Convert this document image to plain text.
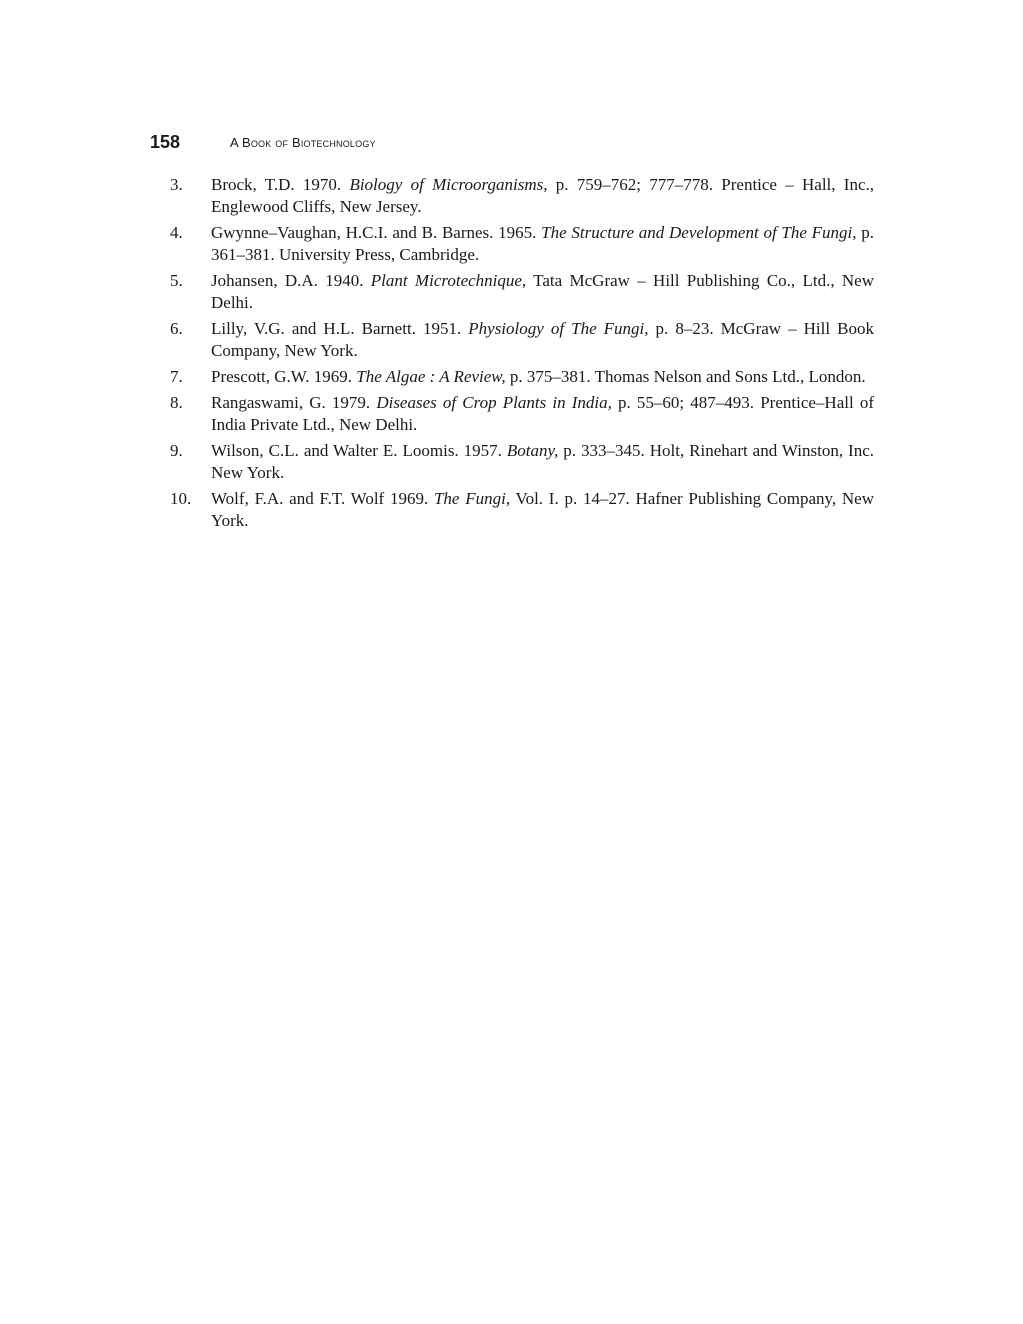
158	A Book of Biotechnology
3.	Brock, T.D. 1970. Biology of Microorganisms, p. 759–762; 777–778. Prentice – Hall, Inc., Englewood Cliffs, New Jersey.
4.	Gwynne–Vaughan, H.C.I. and B. Barnes. 1965. The Structure and Development of The Fungi, p. 361–381. University Press, Cambridge.
5.	Johansen, D.A. 1940. Plant Microtechnique, Tata McGraw – Hill Publishing Co., Ltd., New Delhi.
6.	Lilly, V.G. and H.L. Barnett. 1951. Physiology of The Fungi, p. 8–23. McGraw – Hill Book Company, New York.
7.	Prescott, G.W. 1969. The Algae : A Review, p. 375–381. Thomas Nelson and Sons Ltd., London.
8.	Rangaswami, G. 1979. Diseases of Crop Plants in India, p. 55–60; 487–493. Prentice–Hall of India Private Ltd., New Delhi.
9.	Wilson, C.L. and Walter E. Loomis. 1957. Botany, p. 333–345. Holt, Rinehart and Winston, Inc. New York.
10.	Wolf, F.A. and F.T. Wolf 1969. The Fungi, Vol. I. p. 14–27. Hafner Publishing Company, New York.
